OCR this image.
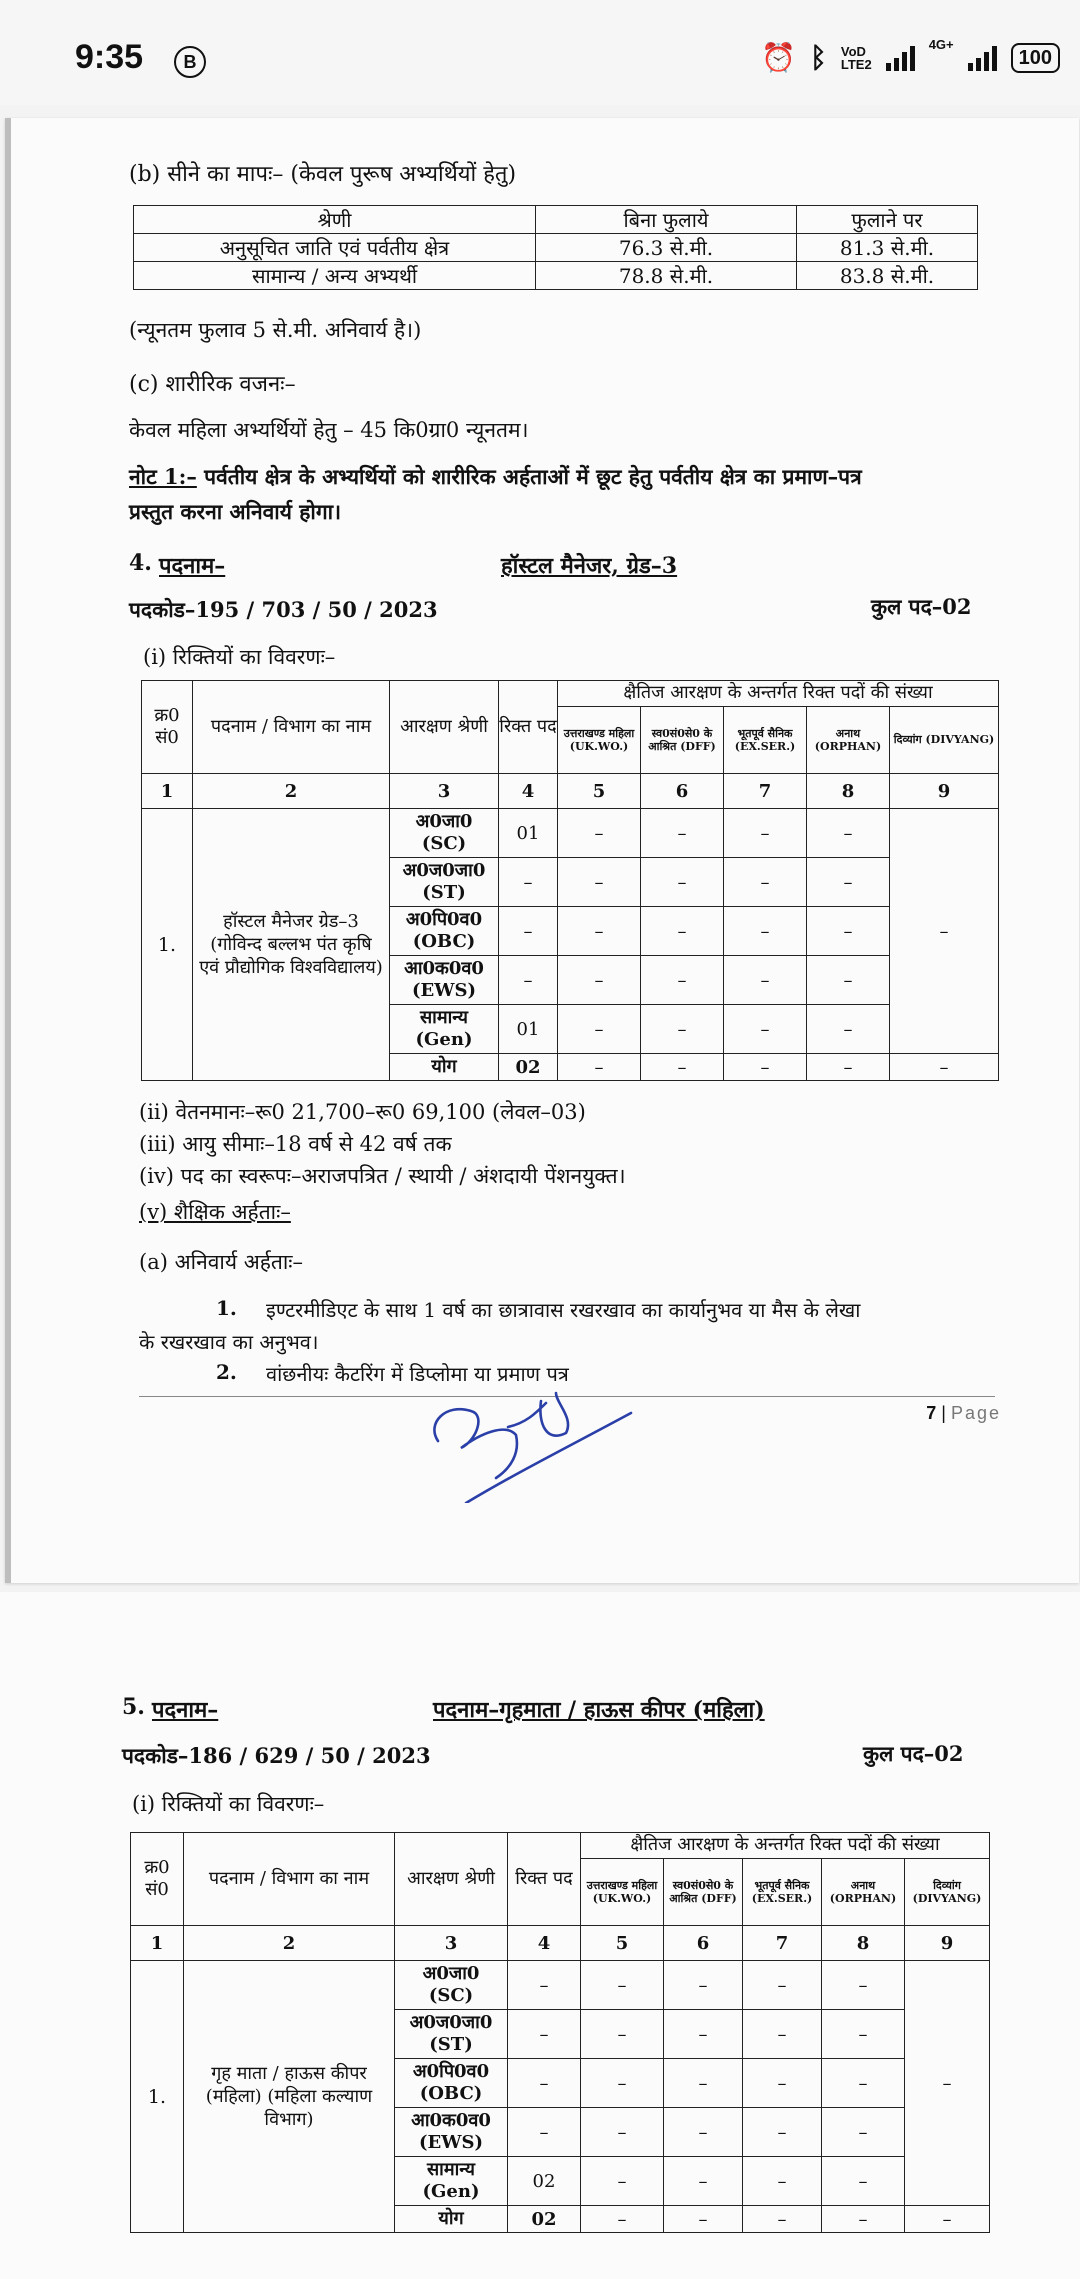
9:35	B	⏰ ᛒ VoD
LTE2
4G+
100
(b) सीने का मापः– (केवल पुरूष अभ्यर्थियों हेतु)
श्रेणी	बिना फुलाये	फुलाने पर
अनुसूचित जाति एवं पर्वतीय क्षेत्र	76.3 से.मी.	81.3 से.मी.
सामान्य / अन्य अभ्यर्थी	78.8 से.मी.	83.8 से.मी.
(न्यूनतम फुलाव 5 से.मी. अनिवार्य है।)
(c) शारीरिक वजनः–
केवल महिला अभ्यर्थियों हेतु – 45 कि0ग्रा0 न्यूनतम।
नोट 1:– पर्वतीय क्षेत्र के अभ्यर्थियों को शारीरिक अर्हताओं में छूट हेतु पर्वतीय क्षेत्र का प्रमाण–पत्र
प्रस्तुत करना अनिवार्य होगा।
4. पदनाम–	हॉस्टल मैनेजर, ग्रेड–3
पदकोड–195 / 703 / 50 / 2023	कुल पद–02
(i) रिक्तियों का विवरणः–
क्र0 सं0	पदनाम / विभाग का नाम	आरक्षण श्रेणी	रिक्त पद	क्षैतिज आरक्षण के अन्तर्गत रिक्त पदों की संख्या				
				उत्तराखण्ड महिला (UK.WO.)	स्व0सं0से0 के आश्रित (DFF)	भूतपूर्व सैनिक (EX.SER.)	अनाथ (ORPHAN)	दिव्यांग (DIVYANG)
1	2	3	4	5	6	7	8	9
1.	हॉस्टल मैनेजर ग्रेड–3 (गोविन्द बल्लभ पंत कृषि एवं प्रौद्योगिक विश्वविद्यालय)	अ0जा0
(SC)	01	–	–	–	–	–

		अ0ज0जा0
(ST)	–	–	–	–	–	

		अ0पि0व0
(OBC)	–	–	–	–	–	

		आ0क0व0
(EWS)	–	–	–	–	–	

		सामान्य
(Gen)	01	–	–	–	–	
		योग	02	–	–	–	–	–
(ii) वेतनमानः–रू0 21,700–रू0 69,100 (लेवल–03)
(iii) आयु सीमाः–18 वर्ष से 42 वर्ष तक
(iv) पद का स्वरूपः–अराजपत्रित / स्थायी / अंशदायी पेंशनयुक्त।
(v) शैक्षिक अर्हताः–
(a) अनिवार्य अर्हताः–
1. इण्टरमीडिएट के साथ 1 वर्ष का छात्रावास रखरखाव का कार्यानुभव या मैस के लेखा
के रखरखाव का अनुभव।
2. वांछनीयः कैटरिंग में डिप्लोमा या प्रमाण पत्र
7 | Page
5. पदनाम–	पदनाम–गृहमाता / हाऊस कीपर (महिला)
पदकोड–186 / 629 / 50 / 2023	कुल पद–02
(i) रिक्तियों का विवरणः–
क्र0 सं0	पदनाम / विभाग का नाम	आरक्षण श्रेणी	रिक्त पद	क्षैतिज आरक्षण के अन्तर्गत रिक्त पदों की संख्या				
				उत्तराखण्ड महिला (UK.WO.)	स्व0सं0से0 के आश्रित (DFF)	भूतपूर्व सैनिक (EX.SER.)	अनाथ (ORPHAN)	दिव्यांग (DIVYANG)
1	2	3	4	5	6	7	8	9
1.	गृह माता / हाऊस कीपर (महिला) (महिला कल्याण विभाग)	अ0जा0
(SC)	–	–	–	–	–	–

		अ0ज0जा0
(ST)	–	–	–	–	–	

		अ0पि0व0
(OBC)	–	–	–	–	–	

		आ0क0व0
(EWS)	–	–	–	–	–	

		सामान्य
(Gen)	02	–	–	–	–	
		योग	02	–	–	–	–	–
